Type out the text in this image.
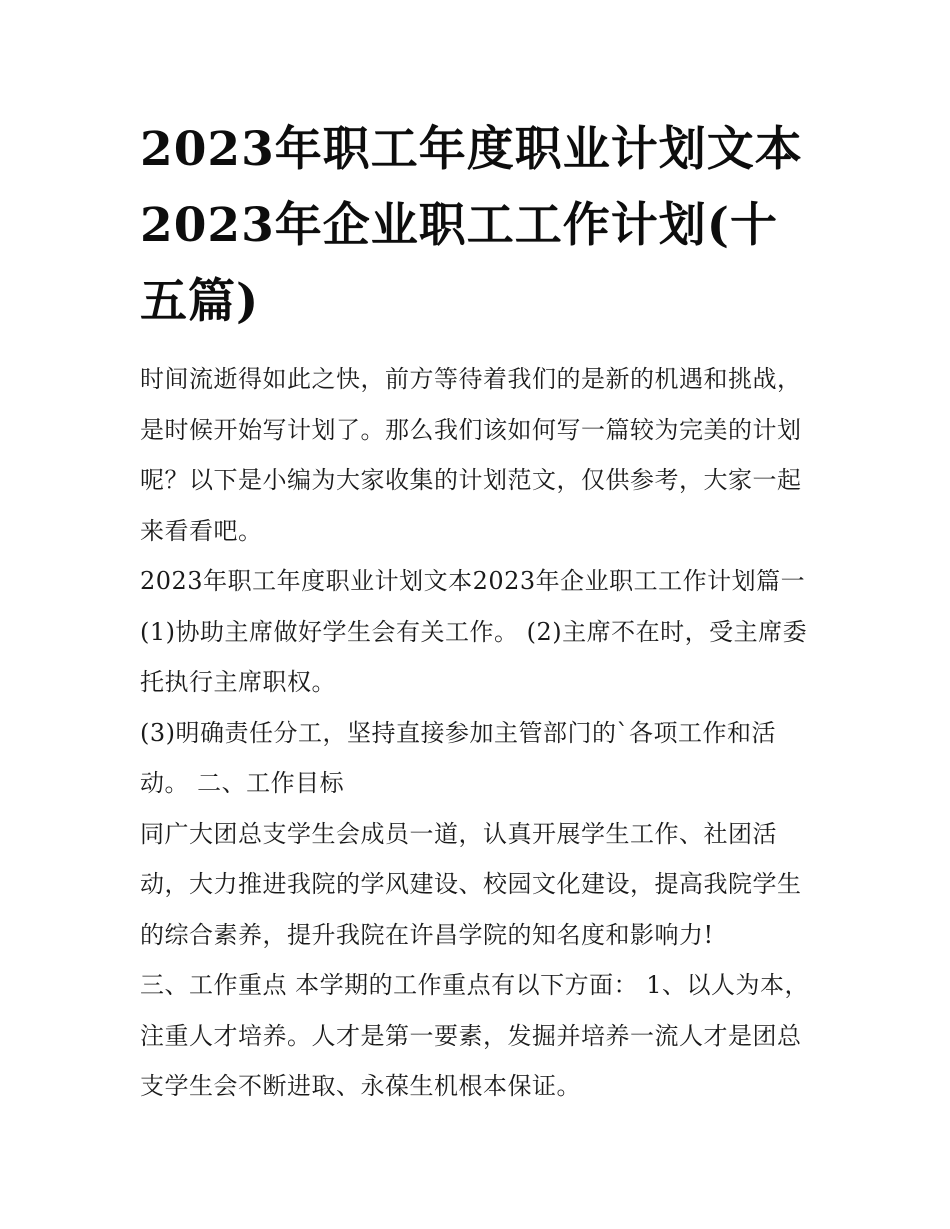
2023年职工年度职业计划文本2023年企业职工工作计划(十五篇)

时间流逝得如此之快，前方等待着我们的是新的机遇和挑战，是时候开始写计划了。那么我们该如何写一篇较为完美的计划呢？以下是小编为大家收集的计划范文，仅供参考，大家一起来看看吧。

2023年职工年度职业计划文本2023年企业职工工作计划篇一

(1)协助主席做好学生会有关工作。 (2)主席不在时，受主席委托执行主席职权。

(3)明确责任分工，坚持直接参加主管部门的`各项工作和活动。 二、工作目标

同广大团总支学生会成员一道，认真开展学生工作、社团活动，大力推进我院的学风建设、校园文化建设，提高我院学生的综合素养，提升我院在许昌学院的知名度和影响力!

三、工作重点 本学期的工作重点有以下方面： 1、以人为本，注重人才培养。人才是第一要素，发掘并培养一流人才是团总支学生会不断进取、永葆生机根本保证。
